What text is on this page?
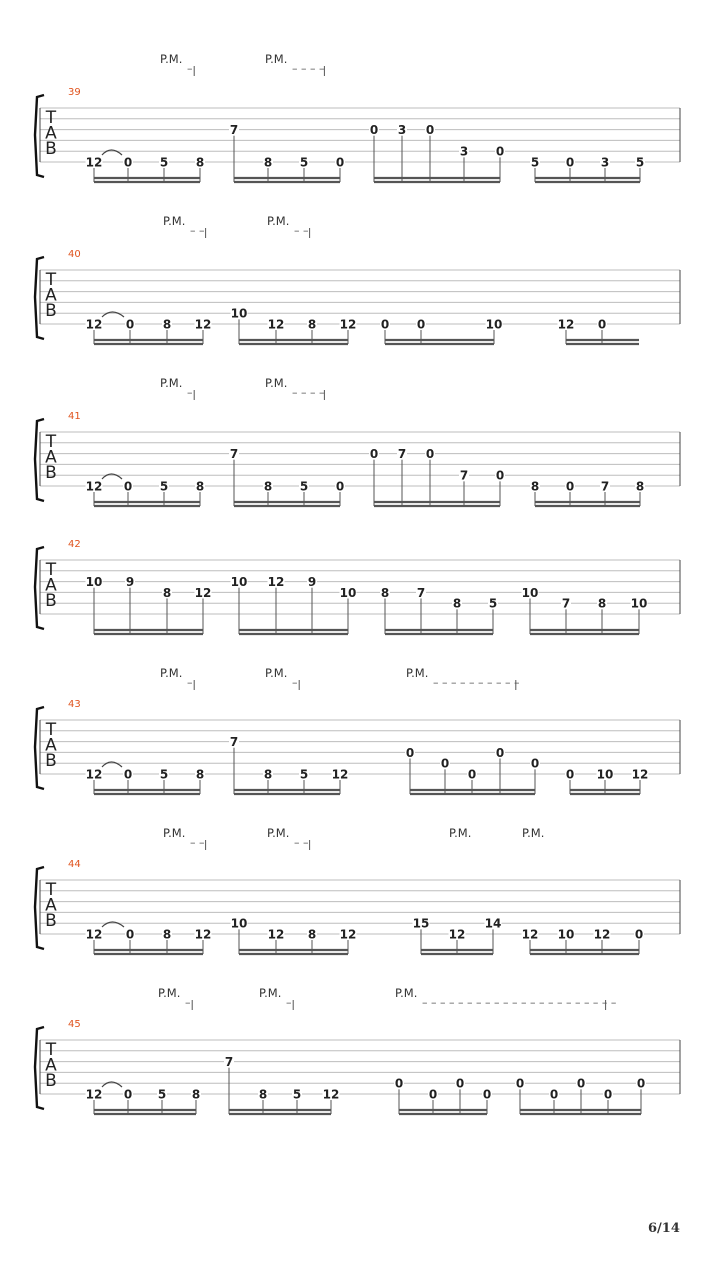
T
A
B
39
P.M.
–
P.M.
– – – –
12 0 5 8
7
8 5 0
0 3 0
3 0
5 0 3 5
T
A
B
40
P.M.
– –
P.M.
– –
12 0 8 12
10
12 8 12 0 0	10	12 0
T
A
B
41
P.M.
–
P.M.
– – – –
12 0 5 8
7
8 5 0
0 7 0
7 0
8 0 7 8
T
A
B
42
10 9
8 12
10 12 9
10 8 7
8 5
10
7 8 10
T
A
B
43
P.M.
–
P.M.
–
P.M.
– – – – – – – – – –
12 0 5 8
7
8 5 12
0
0
0
0
0
0 10 12
T
A
B
44
P.M.
– –
P.M.
– –
P.M.	P.M.
12 0 8 12
10
12 8 12
15
12
14
12 10 12 0
T
A
B
45
P.M.
–
P.M.
–
P.M.
– – – – – – – – – – – – – – – – – – – – – –
12 0 5 8
7
8 5 12
0
0
0
0
0
0
0
0
0
6/14
